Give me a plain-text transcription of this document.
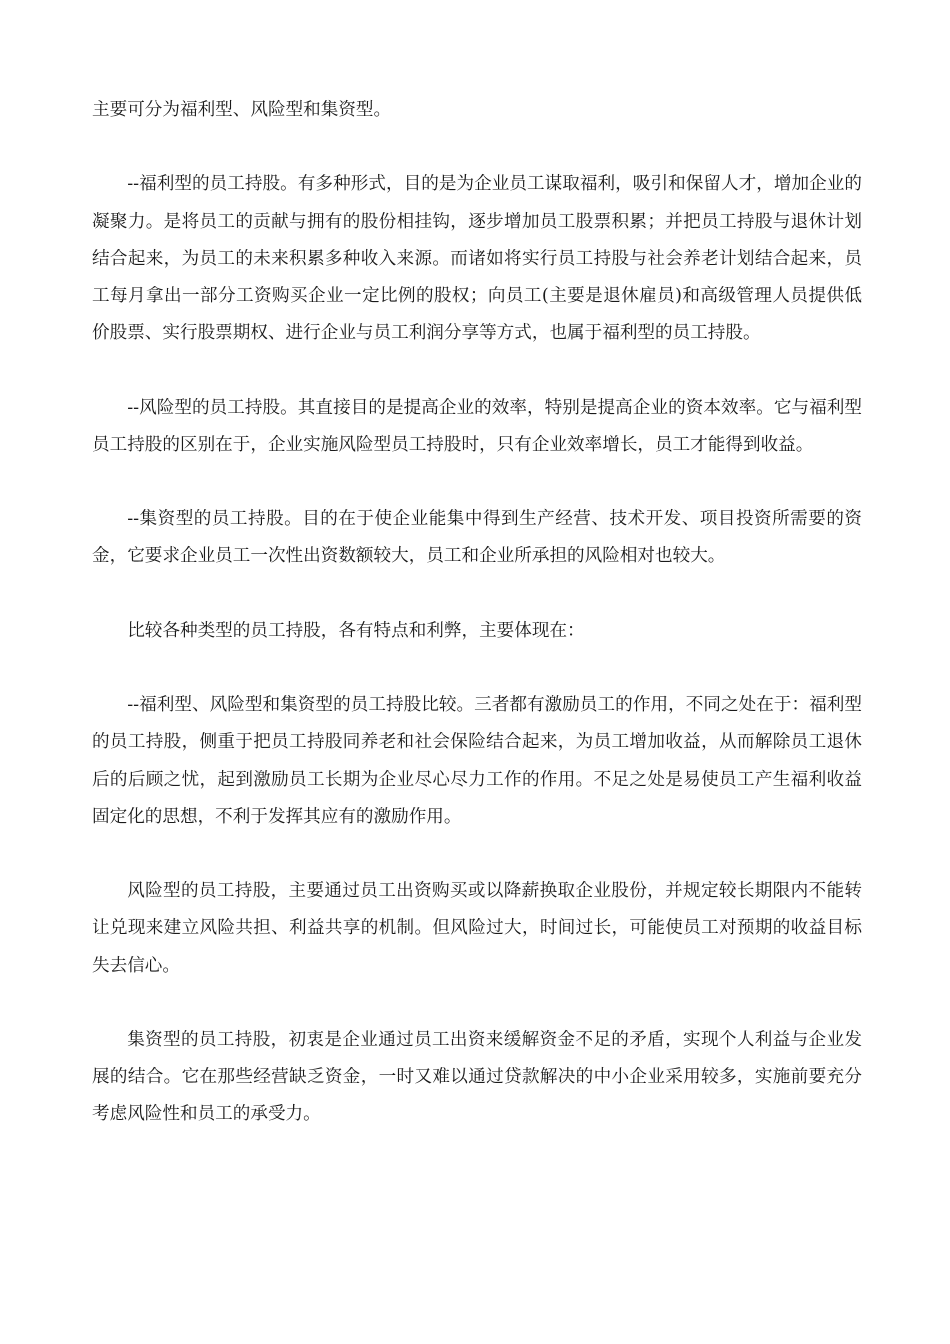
主要可分为福利型、风险型和集资型。

--福利型的员工持股。有多种形式，目的是为企业员工谋取福利，吸引和保留人才，增加企业的凝聚力。是将员工的贡献与拥有的股份相挂钩，逐步增加员工股票积累；并把员工持股与退休计划结合起来，为员工的未来积累多种收入来源。而诸如将实行员工持股与社会养老计划结合起来，员工每月拿出一部分工资购买企业一定比例的股权；向员工(主要是退休雇员)和高级管理人员提供低价股票、实行股票期权、进行企业与员工利润分享等方式，也属于福利型的员工持股。

--风险型的员工持股。其直接目的是提高企业的效率，特别是提高企业的资本效率。它与福利型员工持股的区别在于，企业实施风险型员工持股时，只有企业效率增长，员工才能得到收益。

--集资型的员工持股。目的在于使企业能集中得到生产经营、技术开发、项目投资所需要的资金，它要求企业员工一次性出资数额较大，员工和企业所承担的风险相对也较大。

比较各种类型的员工持股，各有特点和利弊，主要体现在：

--福利型、风险型和集资型的员工持股比较。三者都有激励员工的作用，不同之处在于：福利型的员工持股，侧重于把员工持股同养老和社会保险结合起来，为员工增加收益，从而解除员工退休后的后顾之忧，起到激励员工长期为企业尽心尽力工作的作用。不足之处是易使员工产生福利收益固定化的思想，不利于发挥其应有的激励作用。

风险型的员工持股，主要通过员工出资购买或以降薪换取企业股份，并规定较长期限内不能转让兑现来建立风险共担、利益共享的机制。但风险过大，时间过长，可能使员工对预期的收益目标失去信心。

集资型的员工持股，初衷是企业通过员工出资来缓解资金不足的矛盾，实现个人利益与企业发展的结合。它在那些经营缺乏资金，一时又难以通过贷款解决的中小企业采用较多，实施前要充分考虑风险性和员工的承受力。
